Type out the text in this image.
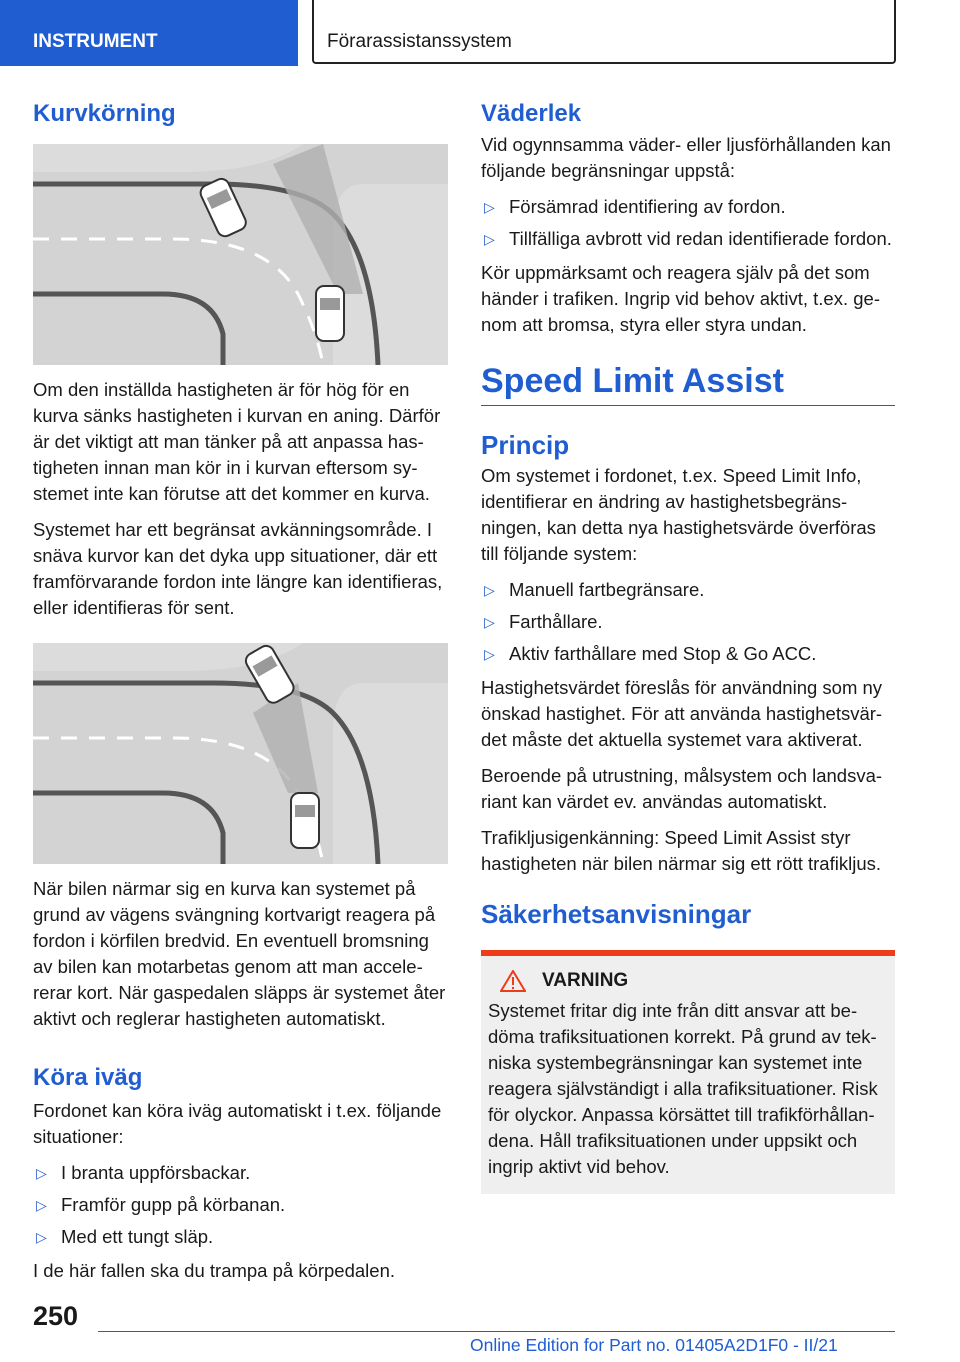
INSTRUMENT	Förarassistanssystem
Kurvkörning

Om den inställda hastigheten är för hög för en kurva sänks hastigheten i kurvan en aning. Därför är det viktigt att man tänker på att anpassa hastigheten innan man kör in i kurvan eftersom systemet inte kan förutse att det kommer en kurva.

Systemet har ett begränsat avkänningsområde. I snäva kurvor kan det dyka upp situationer, där ett framförvarande fordon inte längre kan identifieras, eller identifieras för sent.

När bilen närmar sig en kurva kan systemet på grund av vägens svängning kortvarigt reagera på fordon i körfilen bredvid. En eventuell bromsning av bilen kan motarbetas genom att man accelererar kort. När gaspedalen släpps är systemet åter aktivt och reglerar hastigheten automatiskt.

Köra iväg

Fordonet kan köra iväg automatiskt i t.ex. följande situationer:

▷ I branta uppförsbackar.
▷ Framför gupp på körbanan.
▷ Med ett tungt släp.

I de här fallen ska du trampa på körpedalen.

Väderlek

Vid ogynnsamma väder- eller ljusförhållanden kan följande begränsningar uppstå:

▷ Försämrad identifiering av fordon.
▷ Tillfälliga avbrott vid redan identifierade fordon.

Kör uppmärksamt och reagera själv på det som händer i trafiken. Ingrip vid behov aktivt, t.ex. genom att bromsa, styra eller styra undan.

Speed Limit Assist
Princip

Om systemet i fordonet, t.ex. Speed Limit Info, identifierar en ändring av hastighetsbegränsningen, kan detta nya hastighetsvärde överföras till följande system:

▷ Manuell fartbegränsare.
▷ Farthållare.
▷ Aktiv farthållare med Stop & Go ACC.

Hastighetsvärdet föreslås för användning som ny önskad hastighet. För att använda hastighetsvärdet måste det aktuella systemet vara aktiverat.

Beroende på utrustning, målsystem och landsvariant kan värdet ev. användas automatiskt.

Trafikljusigenkänning: Speed Limit Assist styr hastigheten när bilen närmar sig ett rött trafikljus.

Säkerhetsanvisningar
VARNING

Systemet fritar dig inte från ditt ansvar att bedöma trafiksituationen korrekt. På grund av tekniska systembegränsningar kan systemet inte reagera självständigt i alla trafiksituationer. Risk för olyckor. Anpassa körsättet till trafikförhållandena. Håll trafiksituationen under uppsikt och ingrip aktivt vid behov.

250
Online Edition for Part no. 01405A2D1F0 - II/21
